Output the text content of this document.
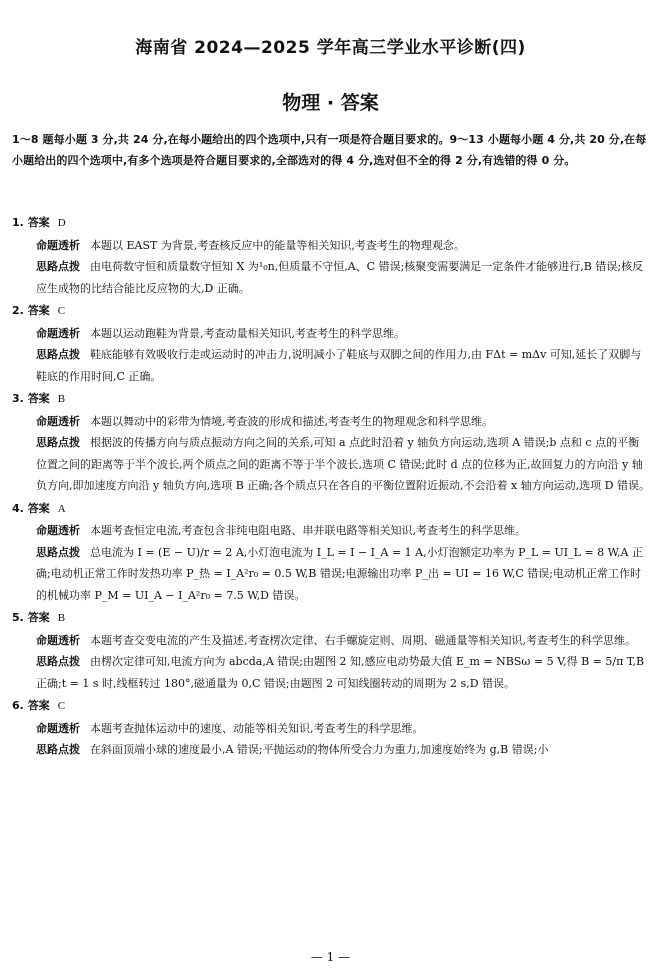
海南省 2024—2025 学年高三学业水平诊断(四)
物理 · 答案
1～8 题每小题 3 分,共 24 分,在每小题给出的四个选项中,只有一项是符合题目要求的。9～13 小题每小题 4 分,共 20 分,在每小题给出的四个选项中,有多个选项是符合题目要求的,全部选对的得 4 分,选对但不全的得 2 分,有选错的得 0 分。
1. 答案 D
命题透析 本题以 EAST 为背景,考查核反应中的能量等相关知识,考查考生的物理观念。
思路点拨 由电荷数守恒和质量数守恒知 X 为¹₀n,但质量不守恒,A、C 错误;核聚变需要满足一定条件才能够进行,B 错误;核反应生成物的比结合能比反应物的大,D 正确。
2. 答案 C
命题透析 本题以运动跑鞋为背景,考查动量相关知识,考查考生的科学思维。
思路点拨 鞋底能够有效吸收行走或运动时的冲击力,说明减小了鞋底与双脚之间的作用力,由 FΔt = mΔv 可知,延长了双脚与鞋底的作用时间,C 正确。
3. 答案 B
命题透析 本题以舞动中的彩带为情境,考查波的形成和描述,考查考生的物理观念和科学思维。
思路点拨 根据波的传播方向与质点振动方向之间的关系,可知 a 点此时沿着 y 轴负方向运动,选项 A 错误;b 点和 c 点的平衡位置之间的距离等于半个波长,两个质点之间的距离不等于半个波长,选项 C 错误;此时 d 点的位移为正,故回复力的方向沿 y 轴负方向,即加速度方向沿 y 轴负方向,选项 B 正确;各个质点只在各自的平衡位置附近振动,不会沿着 x 轴方向运动,选项 D 错误。
4. 答案 A
命题透析 本题考查恒定电流,考查包含非纯电阻电路、串并联电路等相关知识,考查考生的科学思维。
思路点拨 总电流为 I = (E − U)/r = 2 A,小灯泡电流为 I_L = I − I_A = 1 A,小灯泡额定功率为 P_L = UI_L = 8 W,A 正确;电动机正常工作时发热功率 P_热 = I_A²r₀ = 0.5 W,B 错误;电源输出功率 P_出 = UI = 16 W,C 错误;电动机正常工作时的机械功率 P_M = UI_A − I_A²r₀ = 7.5 W,D 错误。
5. 答案 B
命题透析 本题考查交变电流的产生及描述,考查楞次定律、右手螺旋定则、周期、磁通量等相关知识,考查考生的科学思维。
思路点拨 由楞次定律可知,电流方向为 abcda,A 错误;由题图 2 知,感应电动势最大值 E_m = NBSω = 5 V,得 B = 5/π T,B 正确;t = 1 s 时,线框转过 180°,磁通量为 0,C 错误;由题图 2 可知线圈转动的周期为 2 s,D 错误。
6. 答案 C
命题透析 本题考查抛体运动中的速度、动能等相关知识,考查考生的科学思维。
思路点拨 在斜面顶端小球的速度最小,A 错误;平抛运动的物体所受合力为重力,加速度始终为 g,B 错误;小
— 1 —
